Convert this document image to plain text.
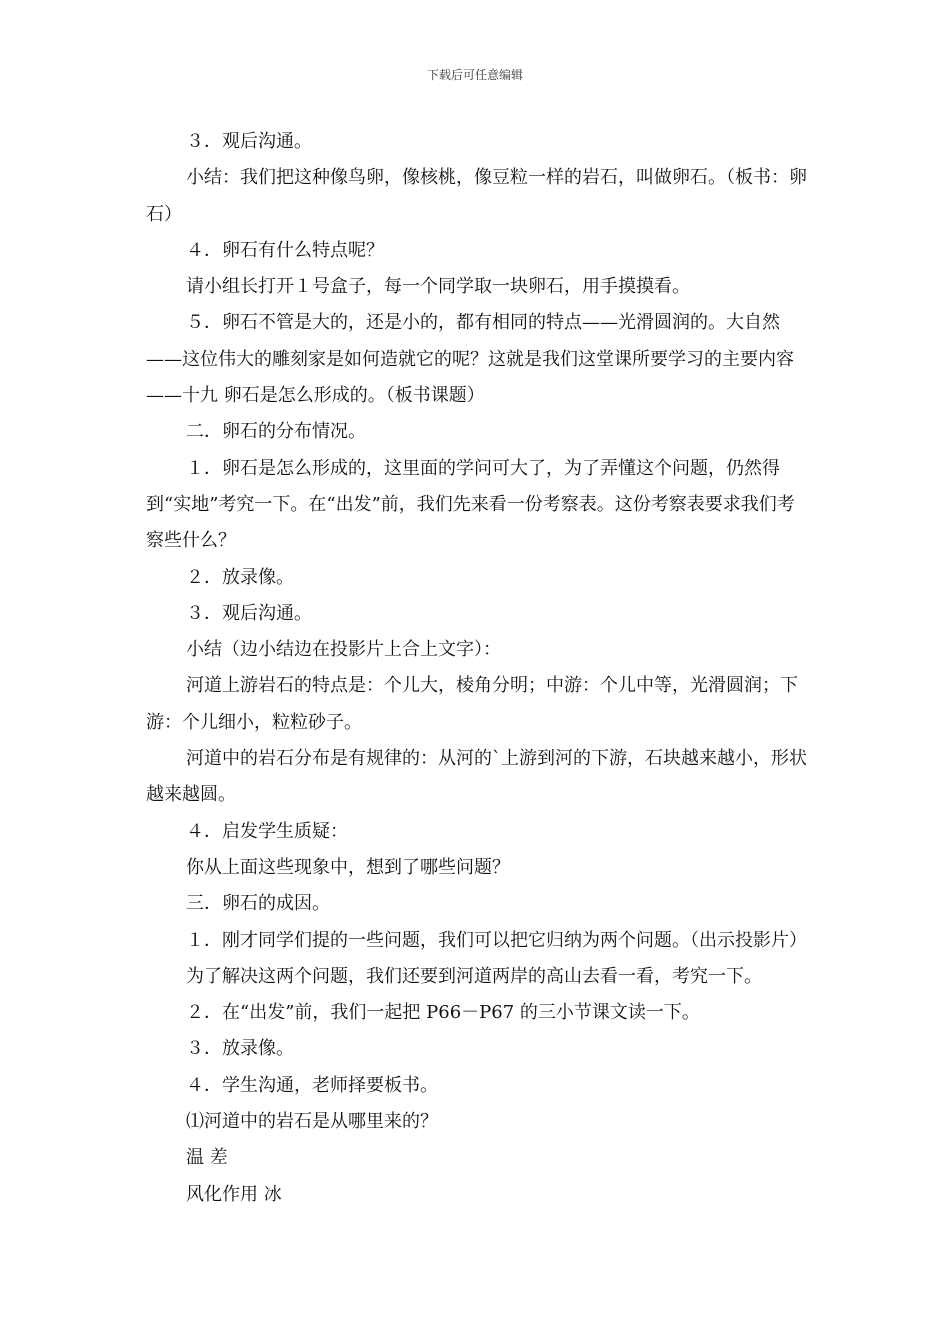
下载后可任意编辑

３．观后沟通。

小结：我们把这种像鸟卵，像核桃，像豆粒一样的岩石，叫做卵石。（板书：卵石）

４．卵石有什么特点呢？

请小组长打开１号盒子，每一个同学取一块卵石，用手摸摸看。

５．卵石不管是大的，还是小的，都有相同的特点——光滑圆润的。大自然——这位伟大的雕刻家是如何造就它的呢？这就是我们这堂课所要学习的主要内容——十九 卵石是怎么形成的。（板书课题）

二．卵石的分布情况。

１．卵石是怎么形成的，这里面的学问可大了，为了弄懂这个问题，仍然得到“实地”考究一下。在“出发”前，我们先来看一份考察表。这份考察表要求我们考察些什么？

２．放录像。

３．观后沟通。

小结（边小结边在投影片上合上文字）：

河道上游岩石的特点是：个儿大，棱角分明；中游：个儿中等，光滑圆润；下游：个儿细小，粒粒砂子。

河道中的岩石分布是有规律的：从河的`上游到河的下游，石块越来越小，形状越来越圆。

４．启发学生质疑：

你从上面这些现象中，想到了哪些问题？

三．卵石的成因。

１．刚才同学们提的一些问题，我们可以把它归纳为两个问题。（出示投影片）

为了解决这两个问题，我们还要到河道两岸的高山去看一看，考究一下。

２．在“出发”前，我们一起把 P66－P67 的三小节课文读一下。

３．放录像。

４．学生沟通，老师择要板书。

⑴河道中的岩石是从哪里来的？

温 差

风化作用 冰
